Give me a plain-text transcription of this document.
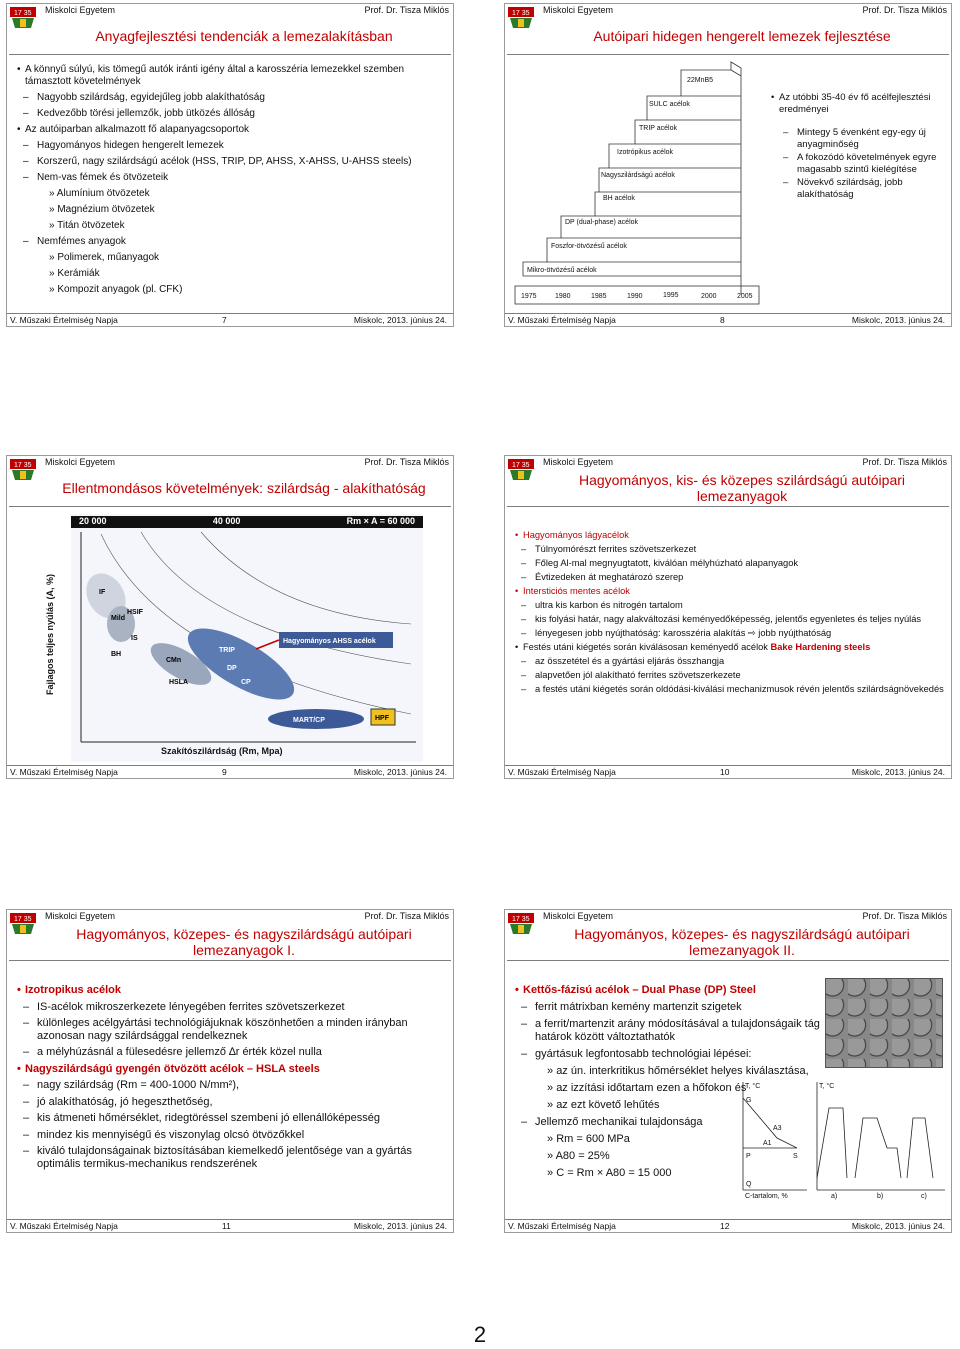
17 35 Miskolci Egyetem	Prof. Dr. Tisza Miklós
Anyagfejlesztési tendenciák a lemezalakításban
• A könnyű súlyú, kis tömegű autók iránti igény által a karosszéria lemezekkel szemben támasztott követelmények
– Nagyobb szilárdság, egyidejűleg jobb alakíthatóság
– Kedvezőbb törési jellemzők, jobb ütközés állóság
• Az autóiparban alkalmazott fő alapanyagcsoportok
– Hagyományos hidegen hengerelt lemezek
– Korszerű, nagy szilárdságú acélok (HSS, TRIP, DP, AHSS, X-AHSS, U-AHSS steels)
– Nem-vas fémek és ötvözeteik
» Alumínium ötvözetek
» Magnézium ötvözetek
» Titán ötvözetek
– Nemfémes anyagok
» Polimerek, műanyagok
» Kerámiák
» Kompozit anyagok (pl. CFK)
V. Műszaki Értelmiség Napja	7	Miskolc, 2013. június 24.
17 35 Miskolci Egyetem	Prof. Dr. Tisza Miklós
Autóipari hidegen hengerelt lemezek fejlesztése
Mikro-ötvözésű acélok
Foszfor-ötvözésű acélok
DP (dual-phase) acélok
BH acélok
Nagyszilárdságú acélok
Izotrópikus acélok
TRIP acélok
SULC acélok
22MnB5
1975	1980	1985	1990	1995	2000	2005
• Az utóbbi 35-40 év fő acélfejlesztési eredményei
– Mintegy 5 évenként egy-egy új anyagminőség
– A fokozódó követelmények egyre magasabb szintű kielégítése
– Növekvő szilárdság, jobb alakíthatóság
V. Műszaki Értelmiség Napja	8	Miskolc, 2013. június 24.
17 35 Miskolci Egyetem	Prof. Dr. Tisza Miklós
Ellentmondásos követelmények: szilárdság - alakíthatóság
20 000	40 000	Rm × A = 60 000
IF
Mild
IS
BH
HSIF
CMn
HSLA
TRIP
DP
CP
MART/CP	HPF
Hagyományos AHSS acélok
Fajlagos teljes nyúlás (A, %)
Szakítószilárdság (Rm, Mpa)
V. Műszaki Értelmiség Napja	9	Miskolc, 2013. június 24.
17 35 Miskolci Egyetem	Prof. Dr. Tisza Miklós
Hagyományos, kis- és közepes szilárdságú autóipari lemezanyagok
• Hagyományos lágyacélok
– Túlnyomórészt ferrites szövetszerkezet
– Főleg Al-mal megnyugtatott, kiválóan mélyhúzható alapanyagok
– Évtizedeken át meghatározó szerep
• Intersticiós mentes acélok
– ultra kis karbon és nitrogén tartalom
– kis folyási határ, nagy alakváltozási keményedőképesség, jelentős egyenletes és teljes nyúlás
– lényegesen jobb nyújthatóság: karosszéria alakítás ⇨ jobb nyújthatóság
• Festés utáni kiégetés során kiválásosan keményedő acélok Bake Hardening steels
– az összetétel és a gyártási eljárás összhangja
– alapvetően jól alakítható ferrites szövetszerkezete
– a festés utáni kiégetés során oldódási-kiválási mechanizmusok révén jelentős szilárdságnövekedés
V. Műszaki Értelmiség Napja	10	Miskolc, 2013. június 24.
17 35 Miskolci Egyetem	Prof. Dr. Tisza Miklós
Hagyományos, közepes- és nagyszilárdságú autóipari lemezanyagok I.
• Izotropikus acélok
– IS-acélok mikroszerkezete lényegében ferrites szövetszerkezet
– különleges acélgyártási technológiájuknak köszönhetően a minden irányban azonosan nagy szilárdsággal rendelkeznek
– a mélyhúzásnál a fülesedésre jellemző ∆r érték közel nulla
• Nagyszilárdságú gyengén ötvözött acélok – HSLA steels
– nagy szilárdság (Rm = 400-1000 N/mm²),
– jó alakíthatóság, jó hegeszthetőség,
– kis átmeneti hőmérséklet, ridegtöréssel szembeni jó ellenállóképesség
– mindez kis mennyiségű és viszonylag olcsó ötvözőkkel
– kiváló tulajdonságainak biztosításában kiemelkedő jelentősége van a gyártás optimális termikus-mechanikus rendszerének
V. Műszaki Értelmiség Napja	11	Miskolc, 2013. június 24.
17 35 Miskolci Egyetem	Prof. Dr. Tisza Miklós
Hagyományos, közepes- és nagyszilárdságú autóipari lemezanyagok II.
• Kettős-fázisú acélok – Dual Phase (DP) Steel
– ferrit mátrixban kemény martenzit szigetek
– a ferrit/martenzit arány módosításával a tulajdonságaik tág határok között változtathatók
– gyártásuk legfontosabb technológiai lépései:
» az ún. interkritikus hőmérséklet helyes kiválasztása,
» az izzítási időtartam ezen a hőfokon és
» az ezt követő lehűtés
– Jellemző mechanikai tulajdonsága
» Rm = 600 MPa
» A80 = 25%
» C = Rm × A80 = 15 000
T, °C	T, °C
G
A3
A1
P	S
Q
C-tartalom, %	a)	b)	c)
V. Műszaki Értelmiség Napja	12	Miskolc, 2013. június 24.
2
